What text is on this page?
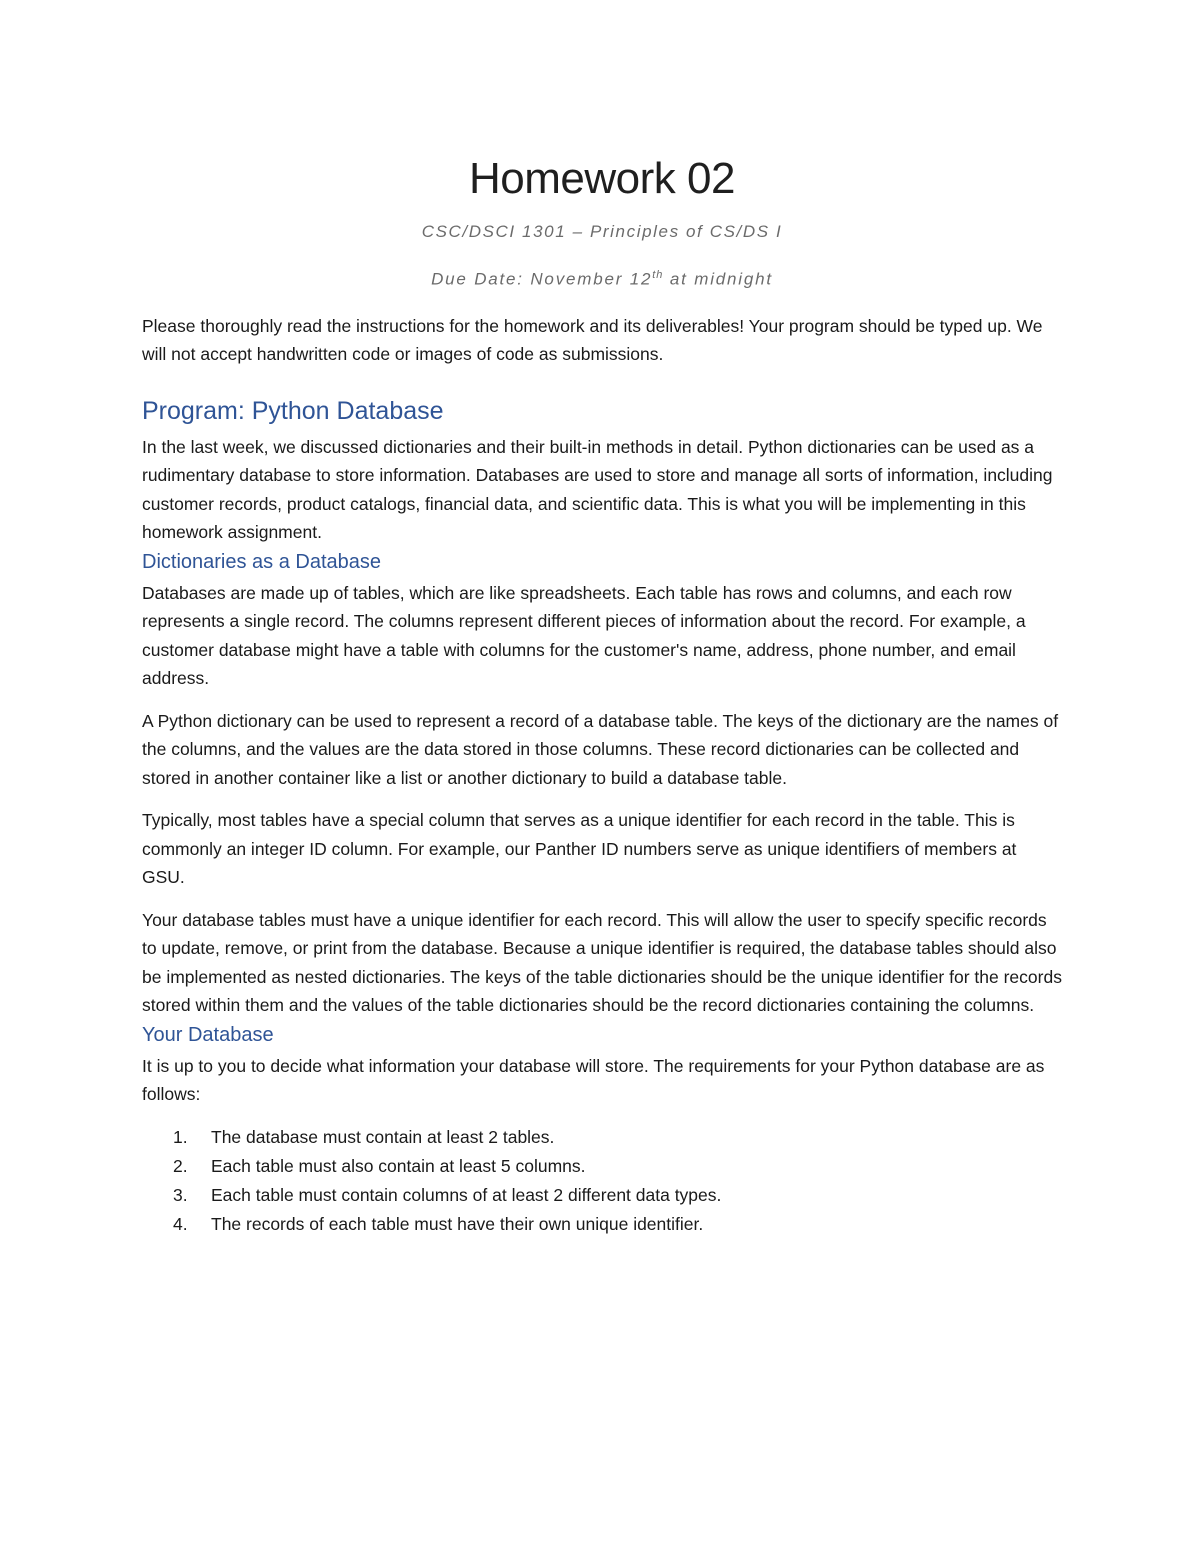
Homework 02
CSC/DSCI 1301 – Principles of CS/DS I
Due Date: November 12th at midnight

Please thoroughly read the instructions for the homework and its deliverables! Your program should be typed up. We will not accept handwritten code or images of code as submissions.

Program: Python Database

In the last week, we discussed dictionaries and their built-in methods in detail. Python dictionaries can be used as a rudimentary database to store information. Databases are used to store and manage all sorts of information, including customer records, product catalogs, financial data, and scientific data. This is what you will be implementing in this homework assignment.

Dictionaries as a Database

Databases are made up of tables, which are like spreadsheets. Each table has rows and columns, and each row represents a single record. The columns represent different pieces of information about the record. For example, a customer database might have a table with columns for the customer's name, address, phone number, and email address.

A Python dictionary can be used to represent a record of a database table. The keys of the dictionary are the names of the columns, and the values are the data stored in those columns. These record dictionaries can be collected and stored in another container like a list or another dictionary to build a database table.

Typically, most tables have a special column that serves as a unique identifier for each record in the table. This is commonly an integer ID column. For example, our Panther ID numbers serve as unique identifiers of members at GSU.

Your database tables must have a unique identifier for each record. This will allow the user to specify specific records to update, remove, or print from the database. Because a unique identifier is required, the database tables should also be implemented as nested dictionaries. The keys of the table dictionaries should be the unique identifier for the records stored within them and the values of the table dictionaries should be the record dictionaries containing the columns.

Your Database

It is up to you to decide what information your database will store. The requirements for your Python database are as follows:

1. The database must contain at least 2 tables.
2. Each table must also contain at least 5 columns.
3. Each table must contain columns of at least 2 different data types.
4. The records of each table must have their own unique identifier.
